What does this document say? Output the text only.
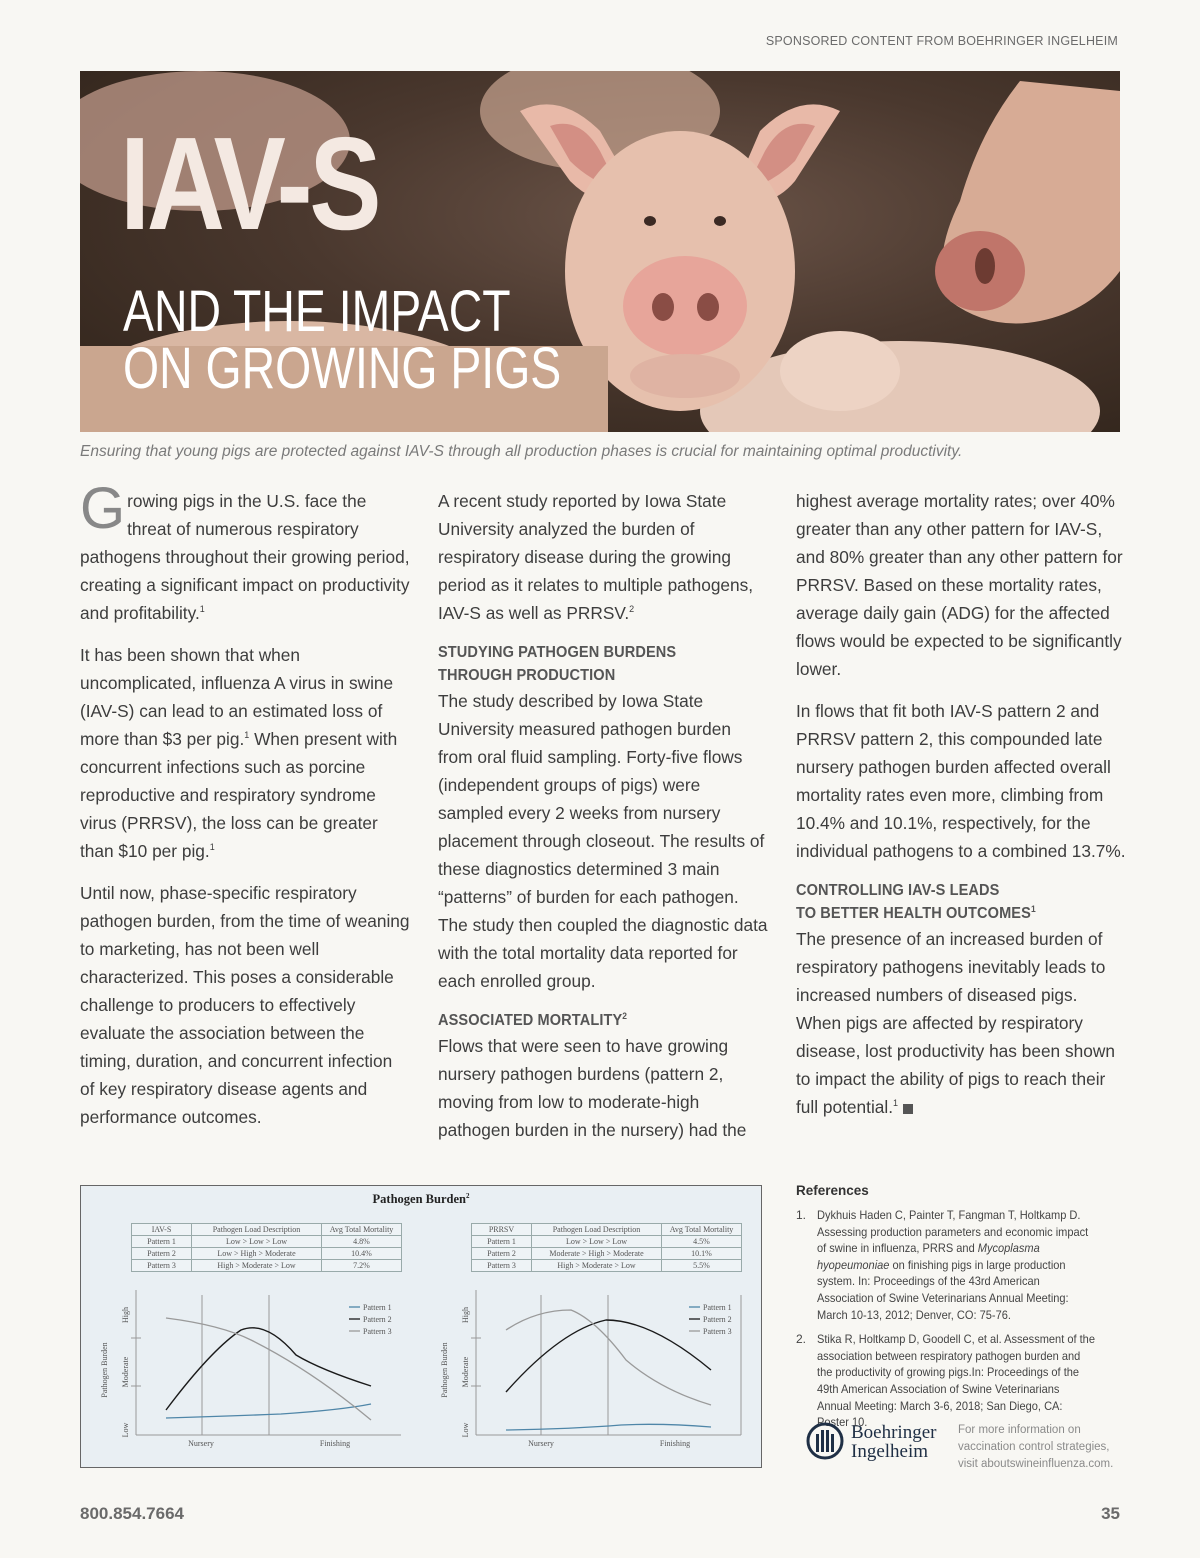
SPONSORED CONTENT FROM BOEHRINGER INGELHEIM
IAV-S
AND THE IMPACT
ON GROWING PIGS
Ensuring that young pigs are protected against IAV-S through all production phases is crucial for maintaining optimal productivity.

Growing pigs in the U.S. face the threat of numerous respiratory pathogens throughout their growing period, creating a significant impact on productivity and profitability.$^1$

It has been shown that when uncomplicated, influenza A virus in swine (IAV-S) can lead to an estimated loss of more than $3 per pig.$^1$ When present with concurrent infections such as porcine reproductive and respiratory syndrome virus (PRRSV), the loss can be greater than $10 per pig.$^1$

Until now, phase-specific respiratory pathogen burden, from the time of weaning to marketing, has not been well characterized. This poses a considerable challenge to producers to effectively evaluate the association between the timing, duration, and concurrent infection of key respiratory disease agents and performance outcomes.

A recent study reported by Iowa State University analyzed the burden of respiratory disease during the growing period as it relates to multiple pathogens, IAV-S as well as PRRSV.$^2$

STUDYING PATHOGEN BURDENS
THROUGH PRODUCTION

The study described by Iowa State University measured pathogen burden from oral fluid sampling. Forty-five flows (independent groups of pigs) were sampled every 2 weeks from nursery placement through closeout. The results of these diagnostics determined 3 main “patterns” of burden for each pathogen. The study then coupled the diagnostic data with the total mortality data reported for each enrolled group.

ASSOCIATED MORTALITY$^2$

Flows that were seen to have growing nursery pathogen burdens (pattern 2, moving from low to moderate-high pathogen burden in the nursery) had the

highest average mortality rates; over 40% greater than any other pattern for IAV-S, and 80% greater than any other pattern for PRRSV. Based on these mortality rates, average daily gain (ADG) for the affected flows would be expected to be significantly lower.

In flows that fit both IAV-S pattern 2 and PRRSV pattern 2, this compounded late nursery pathogen burden affected overall mortality rates even more, climbing from 10.4% and 10.1%, respectively, for the individual pathogens to a combined 13.7%.

CONTROLLING IAV-S LEADS
TO BETTER HEALTH OUTCOMES$^1$

The presence of an increased burden of respiratory pathogens inevitably leads to increased numbers of diseased pigs. When pigs are affected by respiratory disease, lost productivity has been shown to impact the ability of pigs to reach their full potential.$^1$

Pathogen Burden$^2$
IAV-S	Pathogen Load Description	Avg Total Mortality
Pattern 1	Low > Low > Low	4.8%
Pattern 2	Low > High > Moderate	10.4%
Pattern 3	High > Moderate > Low	7.2%
PRRSV	Pathogen Load Description	Avg Total Mortality
Pattern 1	Low > Low > Low	4.5%
Pattern 2	Moderate > High > Moderate	10.1%
Pattern 3	High > Moderate > Low	5.5%
Pathogen Burden
High
Moderate
Low
Nursery	Finishing
Pattern 1
Pattern 2
Pattern 3
Pathogen Burden
High
Moderate
Low
Nursery	Finishing
Pattern 1
Pattern 2
Pattern 3
References
1. Dykhuis Haden C, Painter T, Fangman T, Holtkamp D. Assessing production parameters and economic impact of swine in influenza, PRRS and Mycoplasma hyopeumoniae on finishing pigs in large production system. In: Proceedings of the 43rd American Association of Swine Veterinarians Annual Meeting: March 10-13, 2012; Denver, CO: 75-76.
2. Stika R, Holtkamp D, Goodell C, et al. Assessment of the association between respiratory pathogen burden and the productivity of growing pigs.In: Proceedings of the 49th American Association of Swine Veterinarians Annual Meeting: March 3-6, 2018; San Diego, CA: Poster 10.
Boehringer
Ingelheim
For more information on vaccination control strategies, visit aboutswineinfluenza.com.
800.854.7664	35
